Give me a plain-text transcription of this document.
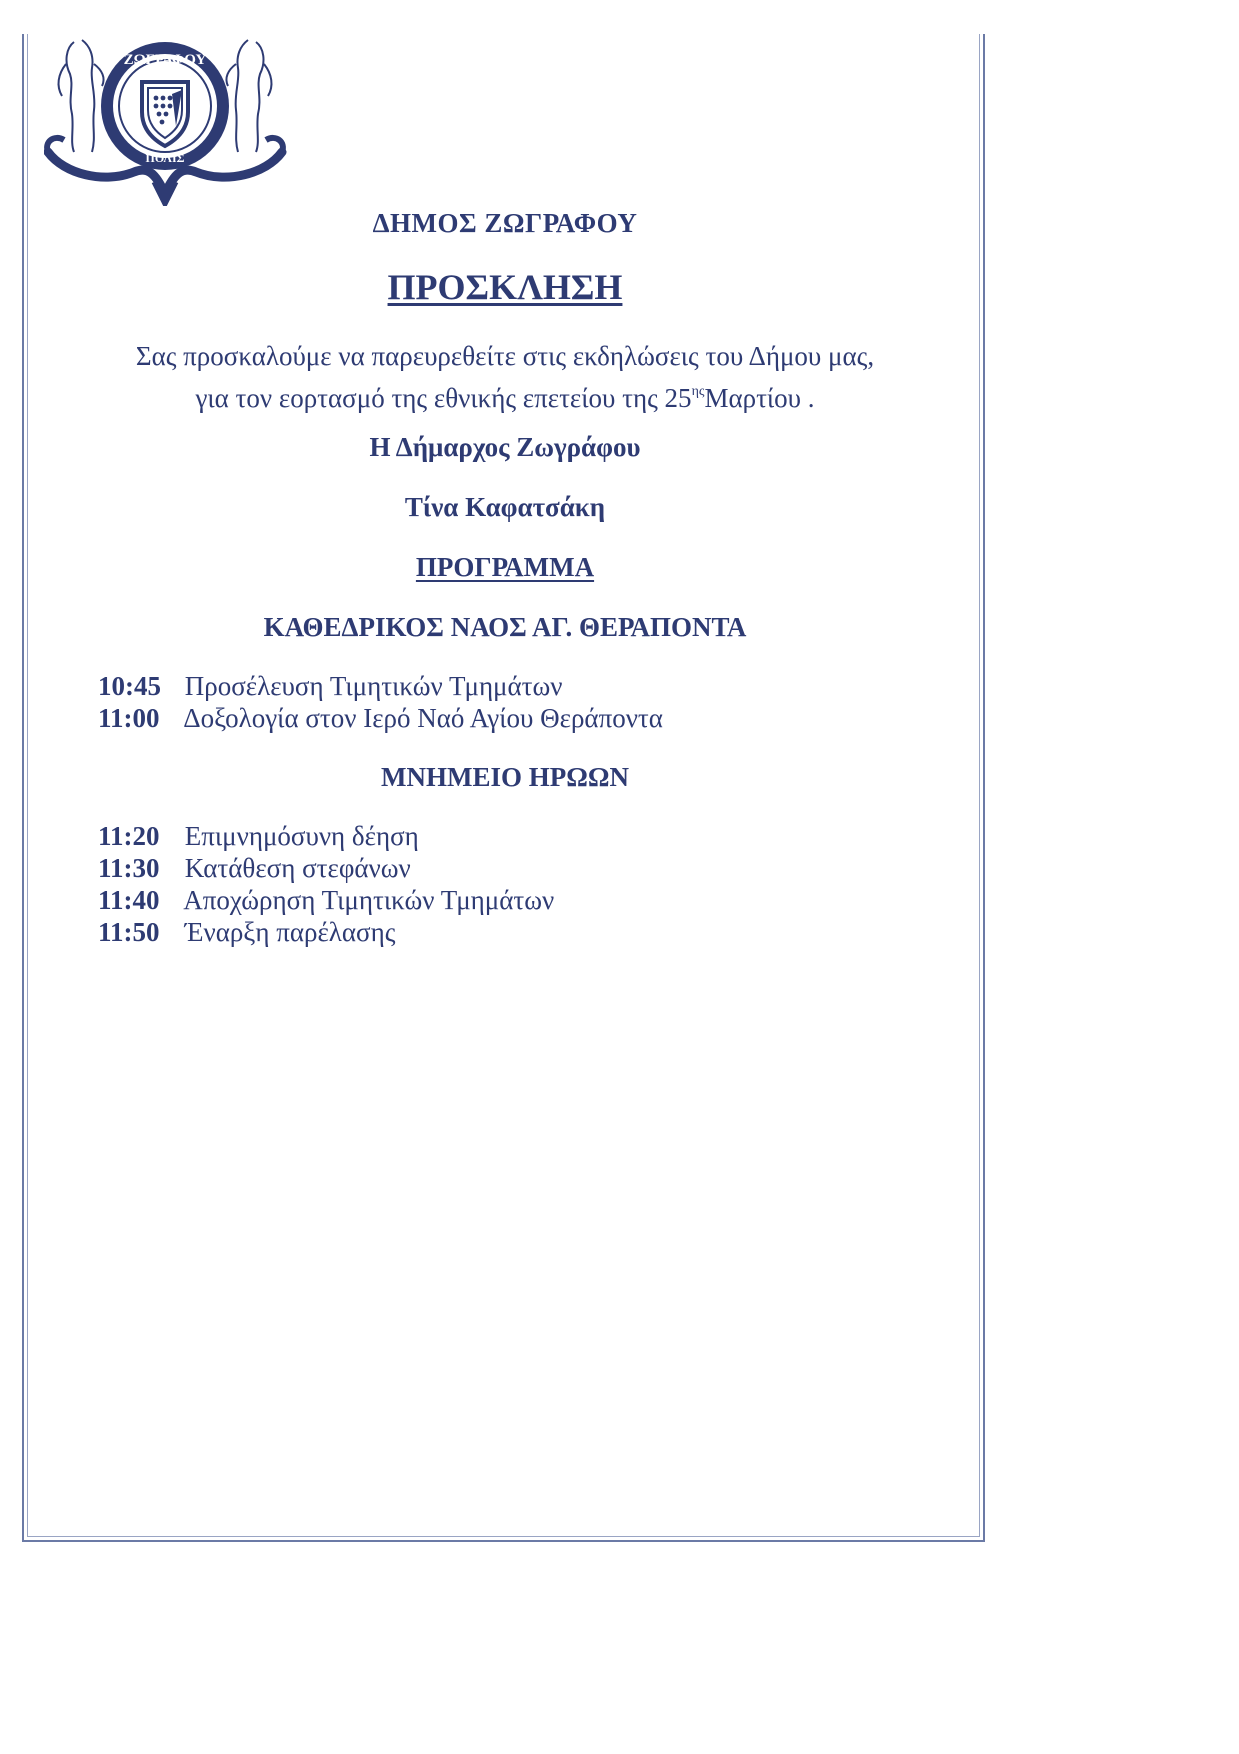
ΖΩΓΡΑΦΟΥ
ΠΟΛΙΣ
ΔΗΜΟΣ ΖΩΓΡΑΦΟΥ
ΠΡΟΣΚΛΗΣΗ
Σας προσκαλούμε να παρευρεθείτε στις εκδηλώσεις του Δήμου μας,
για τον εορτασμό της εθνικής επετείου της $25^{\eta\varsigma}M\alpha\rho\tau ίo\upsilon$ .
Η Δήμαρχος Ζωγράφου
Τίνα Καφατσάκη
ΠΡΟΓΡΑΜΜΑ
ΚΑΘΕΔΡΙΚΟΣ ΝΑΟΣ ΑΓ. ΘΕΡΑΠΟΝΤΑ
10:45 Προσέλευση Τιμητικών Τμημάτων
11:00 Δοξολογία στον Ιερό Ναό Αγίου Θεράποντα
ΜΝΗΜΕΙΟ ΗΡΩΩΝ
11:20 Επιμνημόσυνη δέηση
11:30 Κατάθεση στεφάνων
11:40 Αποχώρηση Τιμητικών Τμημάτων
11:50 Έναρξη παρέλασης
